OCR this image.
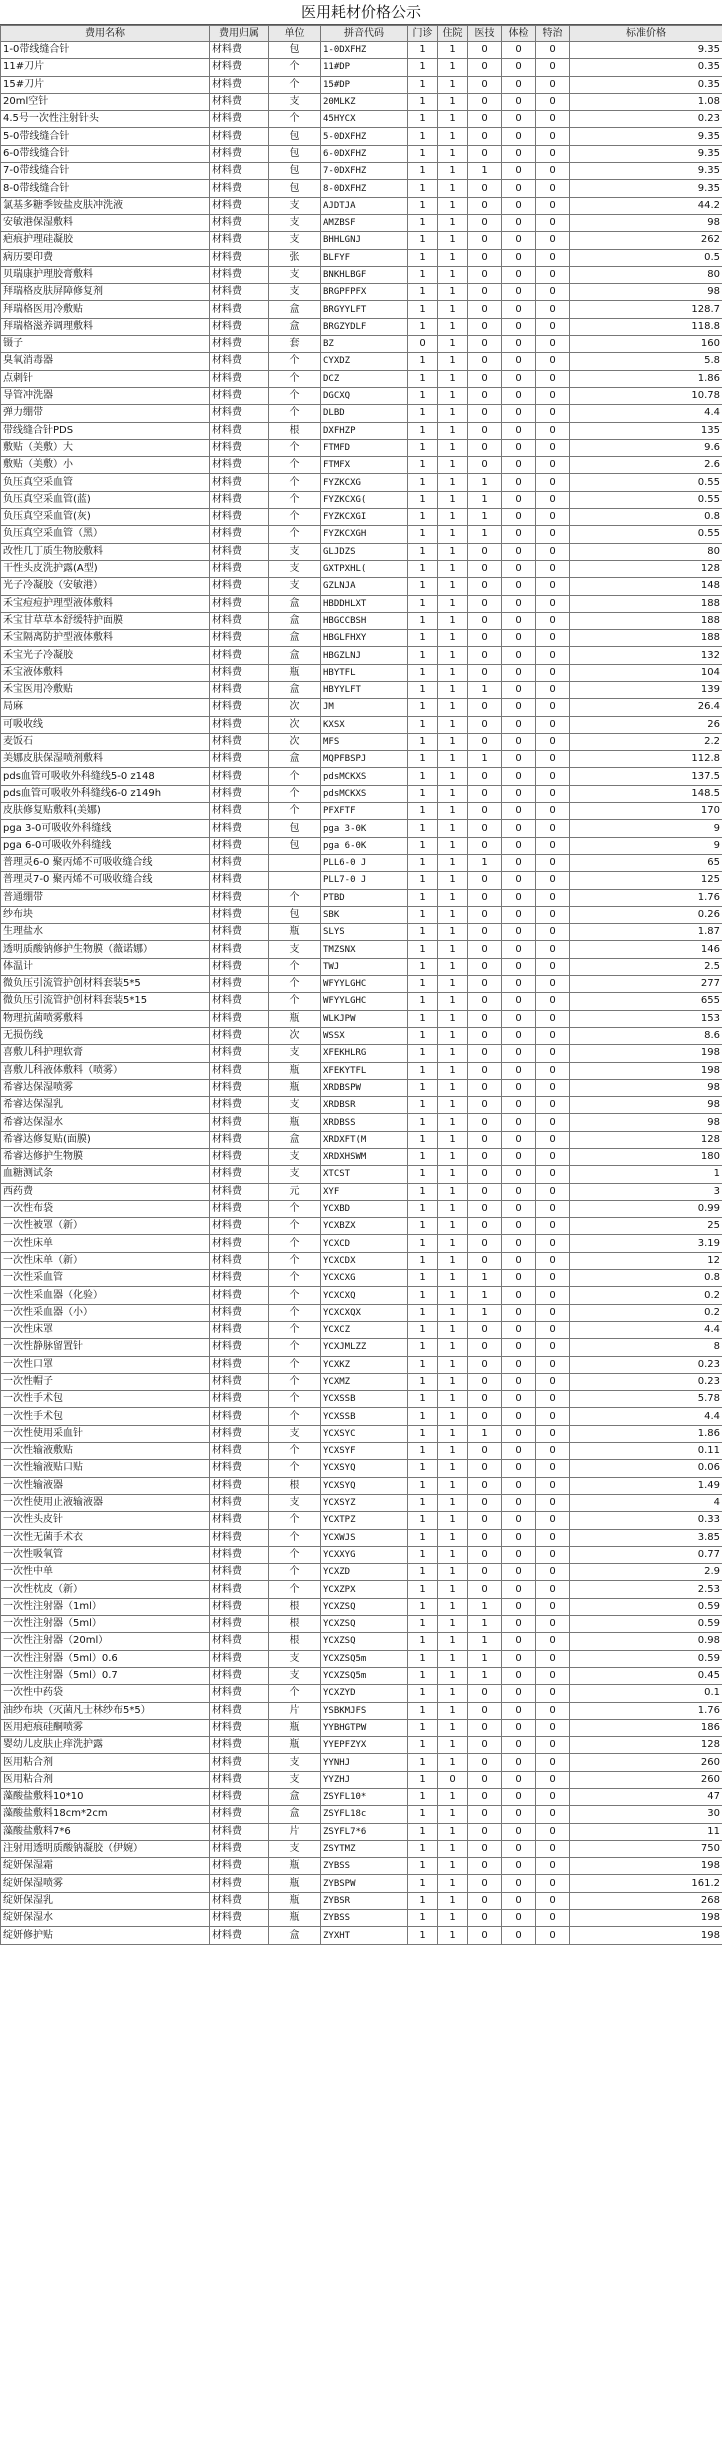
医用耗材价格公示
费用名称	费用归属	单位	拼音代码	门诊	住院	医技	体检	特治	标准价格
1-0带线缝合针	材料费	包	1-0DXFHZ	1	1	0	0	0	9.35
11#刀片	材料费	个	11#DP	1	1	0	0	0	0.35
15#刀片	材料费	个	15#DP	1	1	0	0	0	0.35
20ml空针	材料费	支	20MLKZ	1	1	0	0	0	1.08
4.5号一次性注射针头	材料费	个	45HYCX	1	1	0	0	0	0.23
5-0带线缝合针	材料费	包	5-0DXFHZ	1	1	0	0	0	9.35
6-0带线缝合针	材料费	包	6-0DXFHZ	1	1	0	0	0	9.35
7-0带线缝合针	材料费	包	7-0DXFHZ	1	1	1	0	0	9.35
8-0带线缝合针	材料费	包	8-0DXFHZ	1	1	0	0	0	9.35
氯基多糖季铵盐皮肤冲洗液	材料费	支	AJDTJA	1	1	0	0	0	44.2
安敏港保湿敷料	材料费	支	AMZBSF	1	1	0	0	0	98
疤痕护理硅凝胶	材料费	支	BHHLGNJ	1	1	0	0	0	262
病历要印费	材料费	张	BLFYF	1	1	0	0	0	0.5
贝瑞康护理胶膏敷料	材料费	支	BNKHLBGF	1	1	0	0	0	80
拜瑞格皮肤屏障修复剂	材料费	支	BRGPFPFX	1	1	0	0	0	98
拜瑞格医用冷敷贴	材料费	盒	BRGYYLFT	1	1	0	0	0	128.7
拜瑞格滋养调理敷料	材料费	盒	BRGZYDLF	1	1	0	0	0	118.8
镊子	材料费	套	BZ	0	1	0	0	0	160
臭氧消毒器	材料费	个	CYXDZ	1	1	0	0	0	5.8
点刺针	材料费	个	DCZ	1	1	0	0	0	1.86
导管冲洗器	材料费	个	DGCXQ	1	1	0	0	0	10.78
弹力绷带	材料费	个	DLBD	1	1	0	0	0	4.4
带线缝合针PDS	材料费	根	DXFHZP	1	1	0	0	0	135
敷贴（美敷）大	材料费	个	FTMFD	1	1	0	0	0	9.6
敷贴（美敷）小	材料费	个	FTMFX	1	1	0	0	0	2.6
负压真空采血管	材料费	个	FYZKCXG	1	1	1	0	0	0.55
负压真空采血管(蓝)	材料费	个	FYZKCXG(	1	1	1	0	0	0.55
负压真空采血管(灰)	材料费	个	FYZKCXGI	1	1	1	0	0	0.8
负压真空采血管（黑）	材料费	个	FYZKCXGH	1	1	1	0	0	0.55
改性几丁质生物胶敷料	材料费	支	GLJDZS	1	1	0	0	0	80
干性头皮洗护露(A型)	材料费	支	GXTPXHL(	1	1	0	0	0	128
光子冷凝胶（安敏港）	材料费	支	GZLNJA	1	1	0	0	0	148
禾宝痘痘护理型液体敷料	材料费	盒	HBDDHLXT	1	1	0	0	0	188
禾宝甘草草本舒缓特护面膜	材料费	盒	HBGCCBSH	1	1	0	0	0	188
禾宝隔离防护型液体敷料	材料费	盒	HBGLFHXY	1	1	0	0	0	188
禾宝光子冷凝胶	材料费	盒	HBGZLNJ	1	1	0	0	0	132
禾宝液体敷料	材料费	瓶	HBYTFL	1	1	0	0	0	104
禾宝医用冷敷贴	材料费	盒	HBYYLFT	1	1	1	0	0	139
局麻	材料费	次	JM	1	1	0	0	0	26.4
可吸收线	材料费	次	KXSX	1	1	0	0	0	26
麦饭石	材料费	次	MFS	1	1	0	0	0	2.2
美娜皮肤保湿喷剂敷料	材料费	盒	MQPFBSPJ	1	1	1	0	0	112.8
pds血管可吸收外科缝线5-0 z148	材料费	个	pdsMCKXS	1	1	0	0	0	137.5
pds血管可吸收外科缝线6-0 z149h	材料费	个	pdsMCKXS	1	1	0	0	0	148.5
皮肤修复贴敷料(美娜)	材料费	个	PFXFTF	1	1	0	0	0	170
pga 3-0可吸收外科缝线	材料费	包	pga 3-0K	1	1	0	0	0	9
pga 6-0可吸收外科缝线	材料费	包	pga 6-0K	1	1	0	0	0	9
普理灵6-0 聚丙烯不可吸收缝合线	材料费		PLL6-0 J	1	1	1	0	0	65
普理灵7-0 聚丙烯不可吸收缝合线	材料费		PLL7-0 J	1	1	0	0	0	125
普通绷带	材料费	个	PTBD	1	1	0	0	0	1.76
纱布块	材料费	包	SBK	1	1	0	0	0	0.26
生理盐水	材料费	瓶	SLYS	1	1	0	0	0	1.87
透明质酸钠修护生物膜（薇诺娜）	材料费	支	TMZSNX	1	1	0	0	0	146
体温计	材料费	个	TWJ	1	1	0	0	0	2.5
微负压引流管护创材料套装5*5	材料费	个	WFYYLGHC	1	1	0	0	0	277
微负压引流管护创材料套装5*15	材料费	个	WFYYLGHC	1	1	0	0	0	655
物理抗菌喷雾敷料	材料费	瓶	WLKJPW	1	1	0	0	0	153
无损伤线	材料费	次	WSSX	1	1	0	0	0	8.6
喜敷儿科护理软膏	材料费	支	XFEKHLRG	1	1	0	0	0	198
喜敷儿科液体敷料（喷雾）	材料费	瓶	XFEKYTFL	1	1	0	0	0	198
希睿达保湿喷雾	材料费	瓶	XRDBSPW	1	1	0	0	0	98
希睿达保湿乳	材料费	支	XRDBSR	1	1	0	0	0	98
希睿达保湿水	材料费	瓶	XRDBSS	1	1	0	0	0	98
希睿达修复贴(面膜)	材料费	盒	XRDXFT(M	1	1	0	0	0	128
希睿达修护生物膜	材料费	支	XRDXHSWM	1	1	0	0	0	180
血糖测试条	材料费	支	XTCST	1	1	0	0	0	1
西药费	材料费	元	XYF	1	1	0	0	0	3
一次性布袋	材料费	个	YCXBD	1	1	0	0	0	0.99
一次性被罩（新）	材料费	个	YCXBZX	1	1	0	0	0	25
一次性床单	材料费	个	YCXCD	1	1	0	0	0	3.19
一次性床单（新）	材料费	个	YCXCDX	1	1	0	0	0	12
一次性采血管	材料费	个	YCXCXG	1	1	1	0	0	0.8
一次性采血器（化验）	材料费	个	YCXCXQ	1	1	1	0	0	0.2
一次性采血器（小）	材料费	个	YCXCXQX	1	1	1	0	0	0.2
一次性床罩	材料费	个	YCXCZ	1	1	0	0	0	4.4
一次性静脉留置针	材料费	个	YCXJMLZZ	1	1	0	0	0	8
一次性口罩	材料费	个	YCXKZ	1	1	0	0	0	0.23
一次性帽子	材料费	个	YCXMZ	1	1	0	0	0	0.23
一次性手术包	材料费	个	YCXSSB	1	1	0	0	0	5.78
一次性手术包	材料费	个	YCXSSB	1	1	0	0	0	4.4
一次性使用采血针	材料费	支	YCXSYC	1	1	1	0	0	1.86
一次性输液敷贴	材料费	个	YCXSYF	1	1	0	0	0	0.11
一次性输液贴口贴	材料费	个	YCXSYQ	1	1	0	0	0	0.06
一次性输液器	材料费	根	YCXSYQ	1	1	0	0	0	1.49
一次性使用止液输液器	材料费	支	YCXSYZ	1	1	0	0	0	4
一次性头皮针	材料费	个	YCXTPZ	1	1	0	0	0	0.33
一次性无菌手术衣	材料费	个	YCXWJS	1	1	0	0	0	3.85
一次性吸氧管	材料费	个	YCXXYG	1	1	0	0	0	0.77
一次性中单	材料费	个	YCXZD	1	1	0	0	0	2.9
一次性枕皮（新）	材料费	个	YCXZPX	1	1	0	0	0	2.53
一次性注射器（1ml）	材料费	根	YCXZSQ	1	1	1	0	0	0.59
一次性注射器（5ml）	材料费	根	YCXZSQ	1	1	1	0	0	0.59
一次性注射器（20ml）	材料费	根	YCXZSQ	1	1	1	0	0	0.98
一次性注射器（5ml）0.6	材料费	支	YCXZSQ5m	1	1	1	0	0	0.59
一次性注射器（5ml）0.7	材料费	支	YCXZSQ5m	1	1	1	0	0	0.45
一次性中药袋	材料费	个	YCXZYD	1	1	0	0	0	0.1
油纱布块（灭菌凡士林纱布5*5）	材料费	片	YSBKMJFS	1	1	0	0	0	1.76
医用疤痕硅酮喷雾	材料费	瓶	YYBHGTPW	1	1	0	0	0	186
婴幼儿皮肤止痒洗护露	材料费	瓶	YYEPFZYX	1	1	0	0	0	128
医用粘合剂	材料费	支	YYNHJ	1	1	0	0	0	260
医用粘合剂	材料费	支	YYZHJ	1	0	0	0	0	260
藻酸盐敷料10*10	材料费	盒	ZSYFL10*	1	1	0	0	0	47
藻酸盐敷料18cm*2cm	材料费	盒	ZSYFL18c	1	1	0	0	0	30
藻酸盐敷料7*6	材料费	片	ZSYFL7*6	1	1	0	0	0	11
注射用透明质酸钠凝胶（伊婉）	材料费	支	ZSYTMZ	1	1	0	0	0	750
绽妍保湿霜	材料费	瓶	ZYBSS	1	1	0	0	0	198
绽妍保湿喷雾	材料费	瓶	ZYBSPW	1	1	0	0	0	161.2
绽妍保湿乳	材料费	瓶	ZYBSR	1	1	0	0	0	268
绽妍保湿水	材料费	瓶	ZYBSS	1	1	0	0	0	198
绽妍修护贴	材料费	盒	ZYXHT	1	1	0	0	0	198
